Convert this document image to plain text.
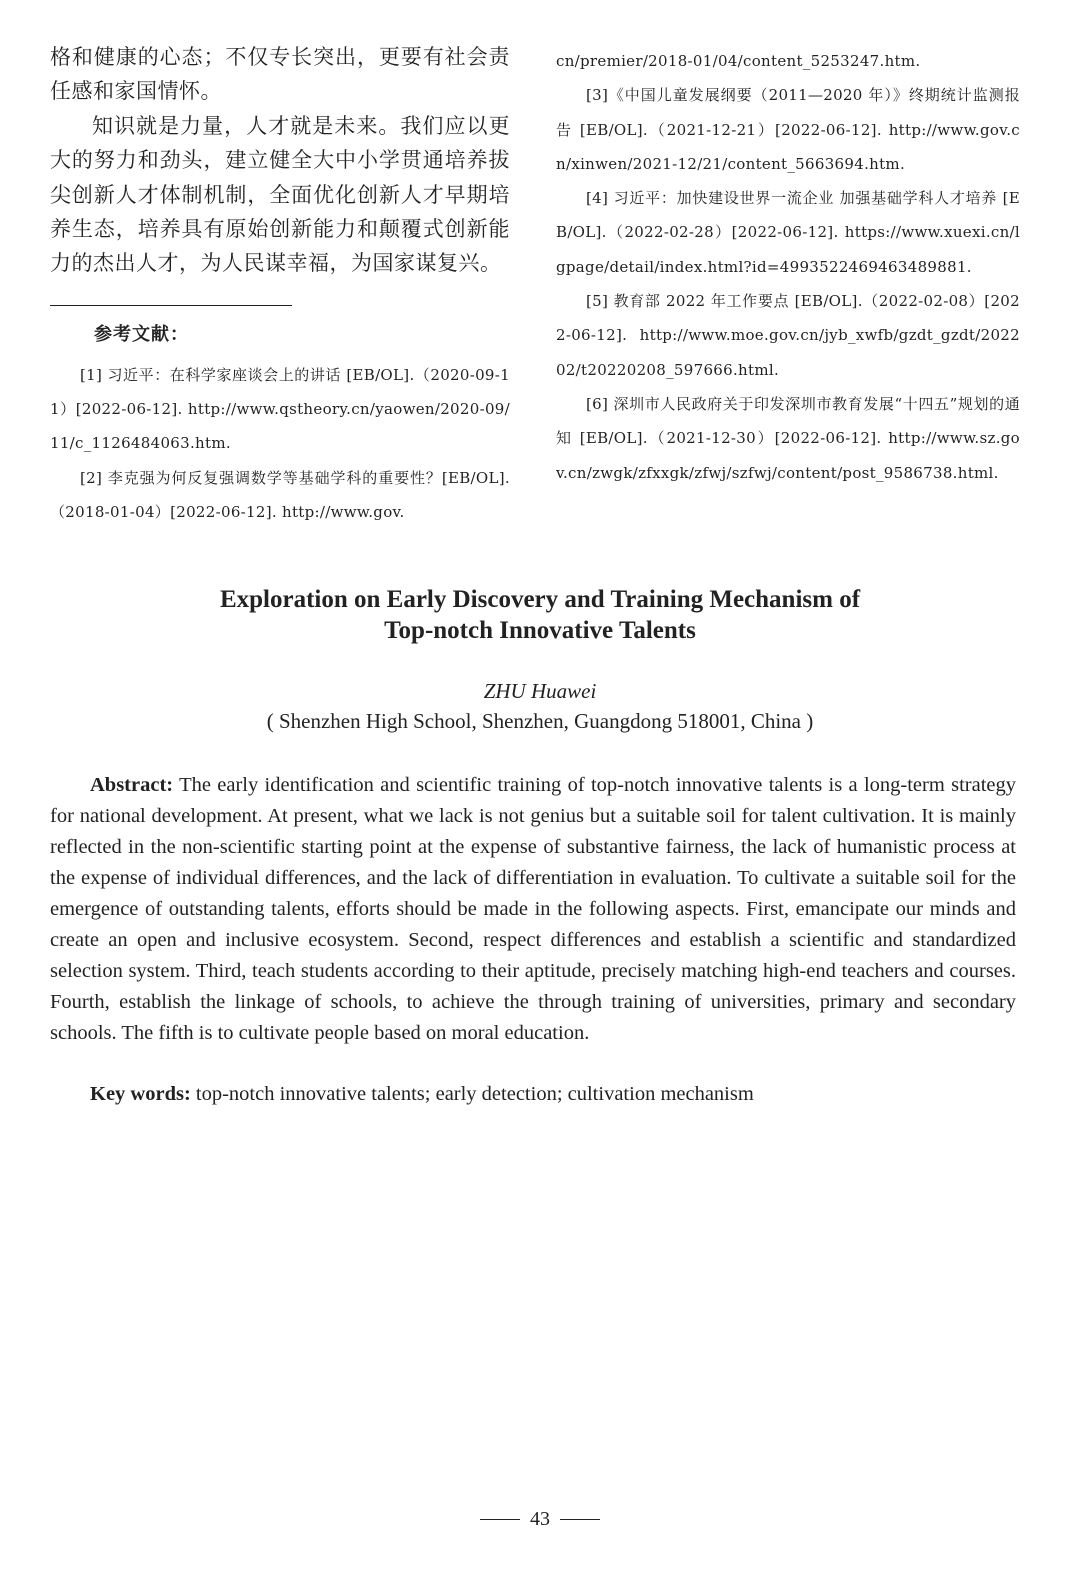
格和健康的心态；不仅专长突出，更要有社会责任感和家国情怀。

知识就是力量，人才就是未来。我们应以更大的努力和劲头，建立健全大中小学贯通培养拔尖创新人才体制机制，全面优化创新人才早期培养生态，培养具有原始创新能力和颠覆式创新能力的杰出人才，为人民谋幸福，为国家谋复兴。

参考文献：

[1] 习近平：在科学家座谈会上的讲话 [EB/OL].（2020-09-11）[2022-06-12]. http://www.qstheory.cn/yaowen/2020-09/11/c_1126484063.htm.

[2] 李克强为何反复强调数学等基础学科的重要性？[EB/OL].（2018-01-04）[2022-06-12]. http://www.gov.

cn/premier/2018-01/04/content_5253247.htm.

[3]《中国儿童发展纲要（2011—2020 年）》终期统计监测报告 [EB/OL].（2021-12-21）[2022-06-12]. http://www.gov.cn/xinwen/2021-12/21/content_5663694.htm.

[4] 习近平：加快建设世界一流企业 加强基础学科人才培养 [EB/OL].（2022-02-28）[2022-06-12]. https://www.xuexi.cn/lgpage/detail/index.html?id=4993522469463489881.

[5] 教育部 2022 年工作要点 [EB/OL].（2022-02-08）[2022-06-12]. http://www.moe.gov.cn/jyb_xwfb/gzdt_gzdt/202202/t20220208_597666.html.

[6] 深圳市人民政府关于印发深圳市教育发展“十四五”规划的通知 [EB/OL].（2021-12-30）[2022-06-12]. http://www.sz.gov.cn/zwgk/zfxxgk/zfwj/szfwj/content/post_9586738.html.

Exploration on Early Discovery and Training Mechanism of
Top-notch Innovative Talents

ZHU Huawei

( Shenzhen High School, Shenzhen, Guangdong 518001, China )

Abstract: The early identification and scientific training of top-notch innovative talents is a long-term strategy for national development. At present, what we lack is not genius but a suitable soil for talent cultivation. It is mainly reflected in the non-scientific starting point at the expense of substantive fairness, the lack of humanistic process at the expense of individual differences, and the lack of differentiation in evaluation. To cultivate a suitable soil for the emergence of outstanding talents, efforts should be made in the following aspects. First, emancipate our minds and create an open and inclusive ecosystem. Second, respect differences and establish a scientific and standardized selection system. Third, teach students according to their aptitude, precisely matching high-end teachers and courses. Fourth, establish the linkage of schools, to achieve the through training of universities, primary and secondary schools. The fifth is to cultivate people based on moral education.

Key words: top-notch innovative talents; early detection; cultivation mechanism

43
